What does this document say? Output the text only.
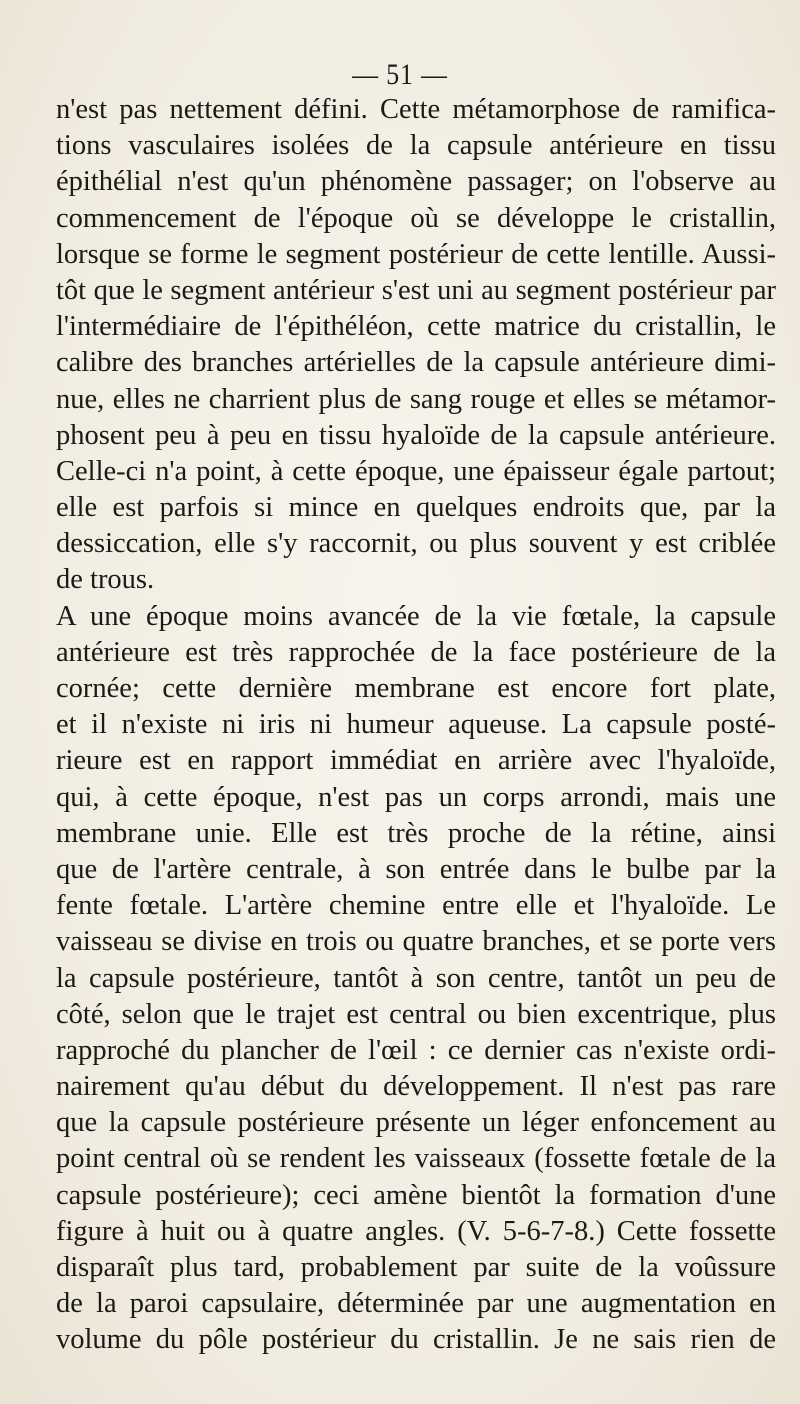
— 51 —
n'est pas nettement défini. Cette métamorphose de ramifica-
tions vasculaires isolées de la capsule antérieure en tissu
épithélial n'est qu'un phénomène passager; on l'observe au
commencement de l'époque où se développe le cristallin,
lorsque se forme le segment postérieur de cette lentille. Aussi-
tôt que le segment antérieur s'est uni au segment postérieur par
l'intermédiaire de l'épithéléon, cette matrice du cristallin, le
calibre des branches artérielles de la capsule antérieure dimi-
nue, elles ne charrient plus de sang rouge et elles se métamor-
phosent peu à peu en tissu hyaloïde de la capsule antérieure.
Celle-ci n'a point, à cette époque, une épaisseur égale partout;
elle est parfois si mince en quelques endroits que, par la
dessiccation, elle s'y raccornit, ou plus souvent y est criblée
de trous.
A une époque moins avancée de la vie fœtale, la capsule
antérieure est très rapprochée de la face postérieure de la
cornée; cette dernière membrane est encore fort plate,
et il n'existe ni iris ni humeur aqueuse. La capsule posté-
rieure est en rapport immédiat en arrière avec l'hyaloïde,
qui, à cette époque, n'est pas un corps arrondi, mais une
membrane unie. Elle est très proche de la rétine, ainsi
que de l'artère centrale, à son entrée dans le bulbe par la
fente fœtale. L'artère chemine entre elle et l'hyaloïde. Le
vaisseau se divise en trois ou quatre branches, et se porte vers
la capsule postérieure, tantôt à son centre, tantôt un peu de
côté, selon que le trajet est central ou bien excentrique, plus
rapproché du plancher de l'œil : ce dernier cas n'existe ordi-
nairement qu'au début du développement. Il n'est pas rare
que la capsule postérieure présente un léger enfoncement au
point central où se rendent les vaisseaux (fossette fœtale de la
capsule postérieure); ceci amène bientôt la formation d'une
figure à huit ou à quatre angles. (V. 5-6-7-8.) Cette fossette
disparaît plus tard, probablement par suite de la voûssure
de la paroi capsulaire, déterminée par une augmentation en
volume du pôle postérieur du cristallin. Je ne sais rien de
